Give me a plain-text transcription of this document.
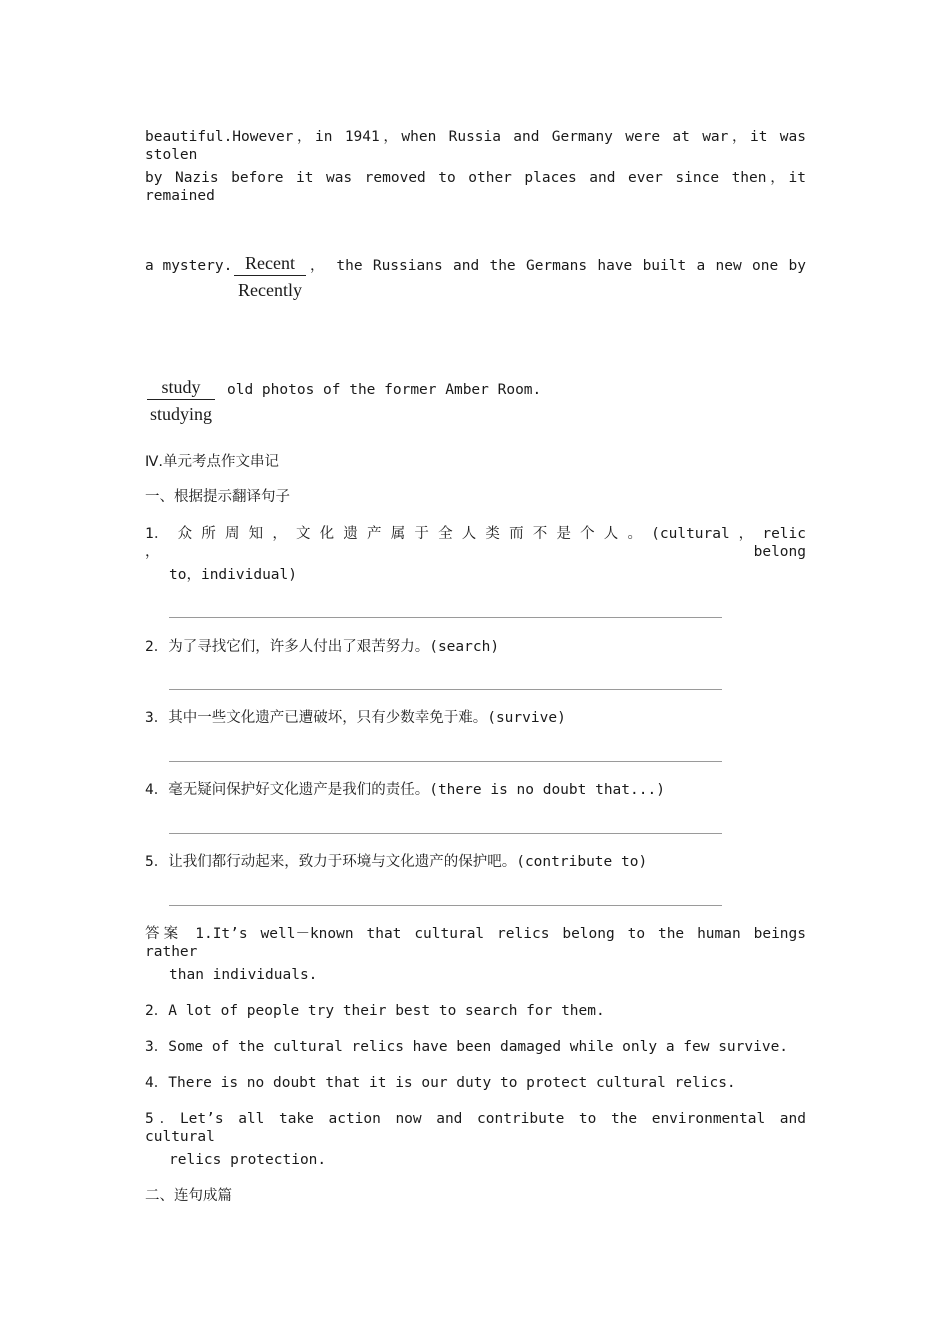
beautiful.However，in 1941，when Russia and Germany were at war，it was stolen
by Nazis before it was removed to other places and ever since then，it remained
a mystery. Recent
Recently
， the Russians and the Germans have built a new one by
study
studying
old photos of the former Amber Room.
Ⅳ.单元考点作文串记
一、根据提示翻译句子
1． 众 所 周 知 ， 文 化 遗 产 属 于 全 人 类 而 不 是 个 人 。 (cultural ， relic ， belong
to，individual)
2．为了寻找它们，许多人付出了艰苦努力。(search)
3．其中一些文化遗产已遭破坏，只有少数幸免于难。(survive)
4．毫无疑问保护好文化遗产是我们的责任。(there is no doubt that...)
5．让我们都行动起来，致力于环境与文化遗产的保护吧。(contribute to)
答案 1.It’s well－known that cultural relics belong to the human beings rather
than individuals.
2．A lot of people try their best to search for them.
3．Some of the cultural relics have been damaged while only a few survive.
4．There is no doubt that it is our duty to protect cultural relics.
5．Let’s all take action now and contribute to the environmental and cultural
relics protection.
二、连句成篇
